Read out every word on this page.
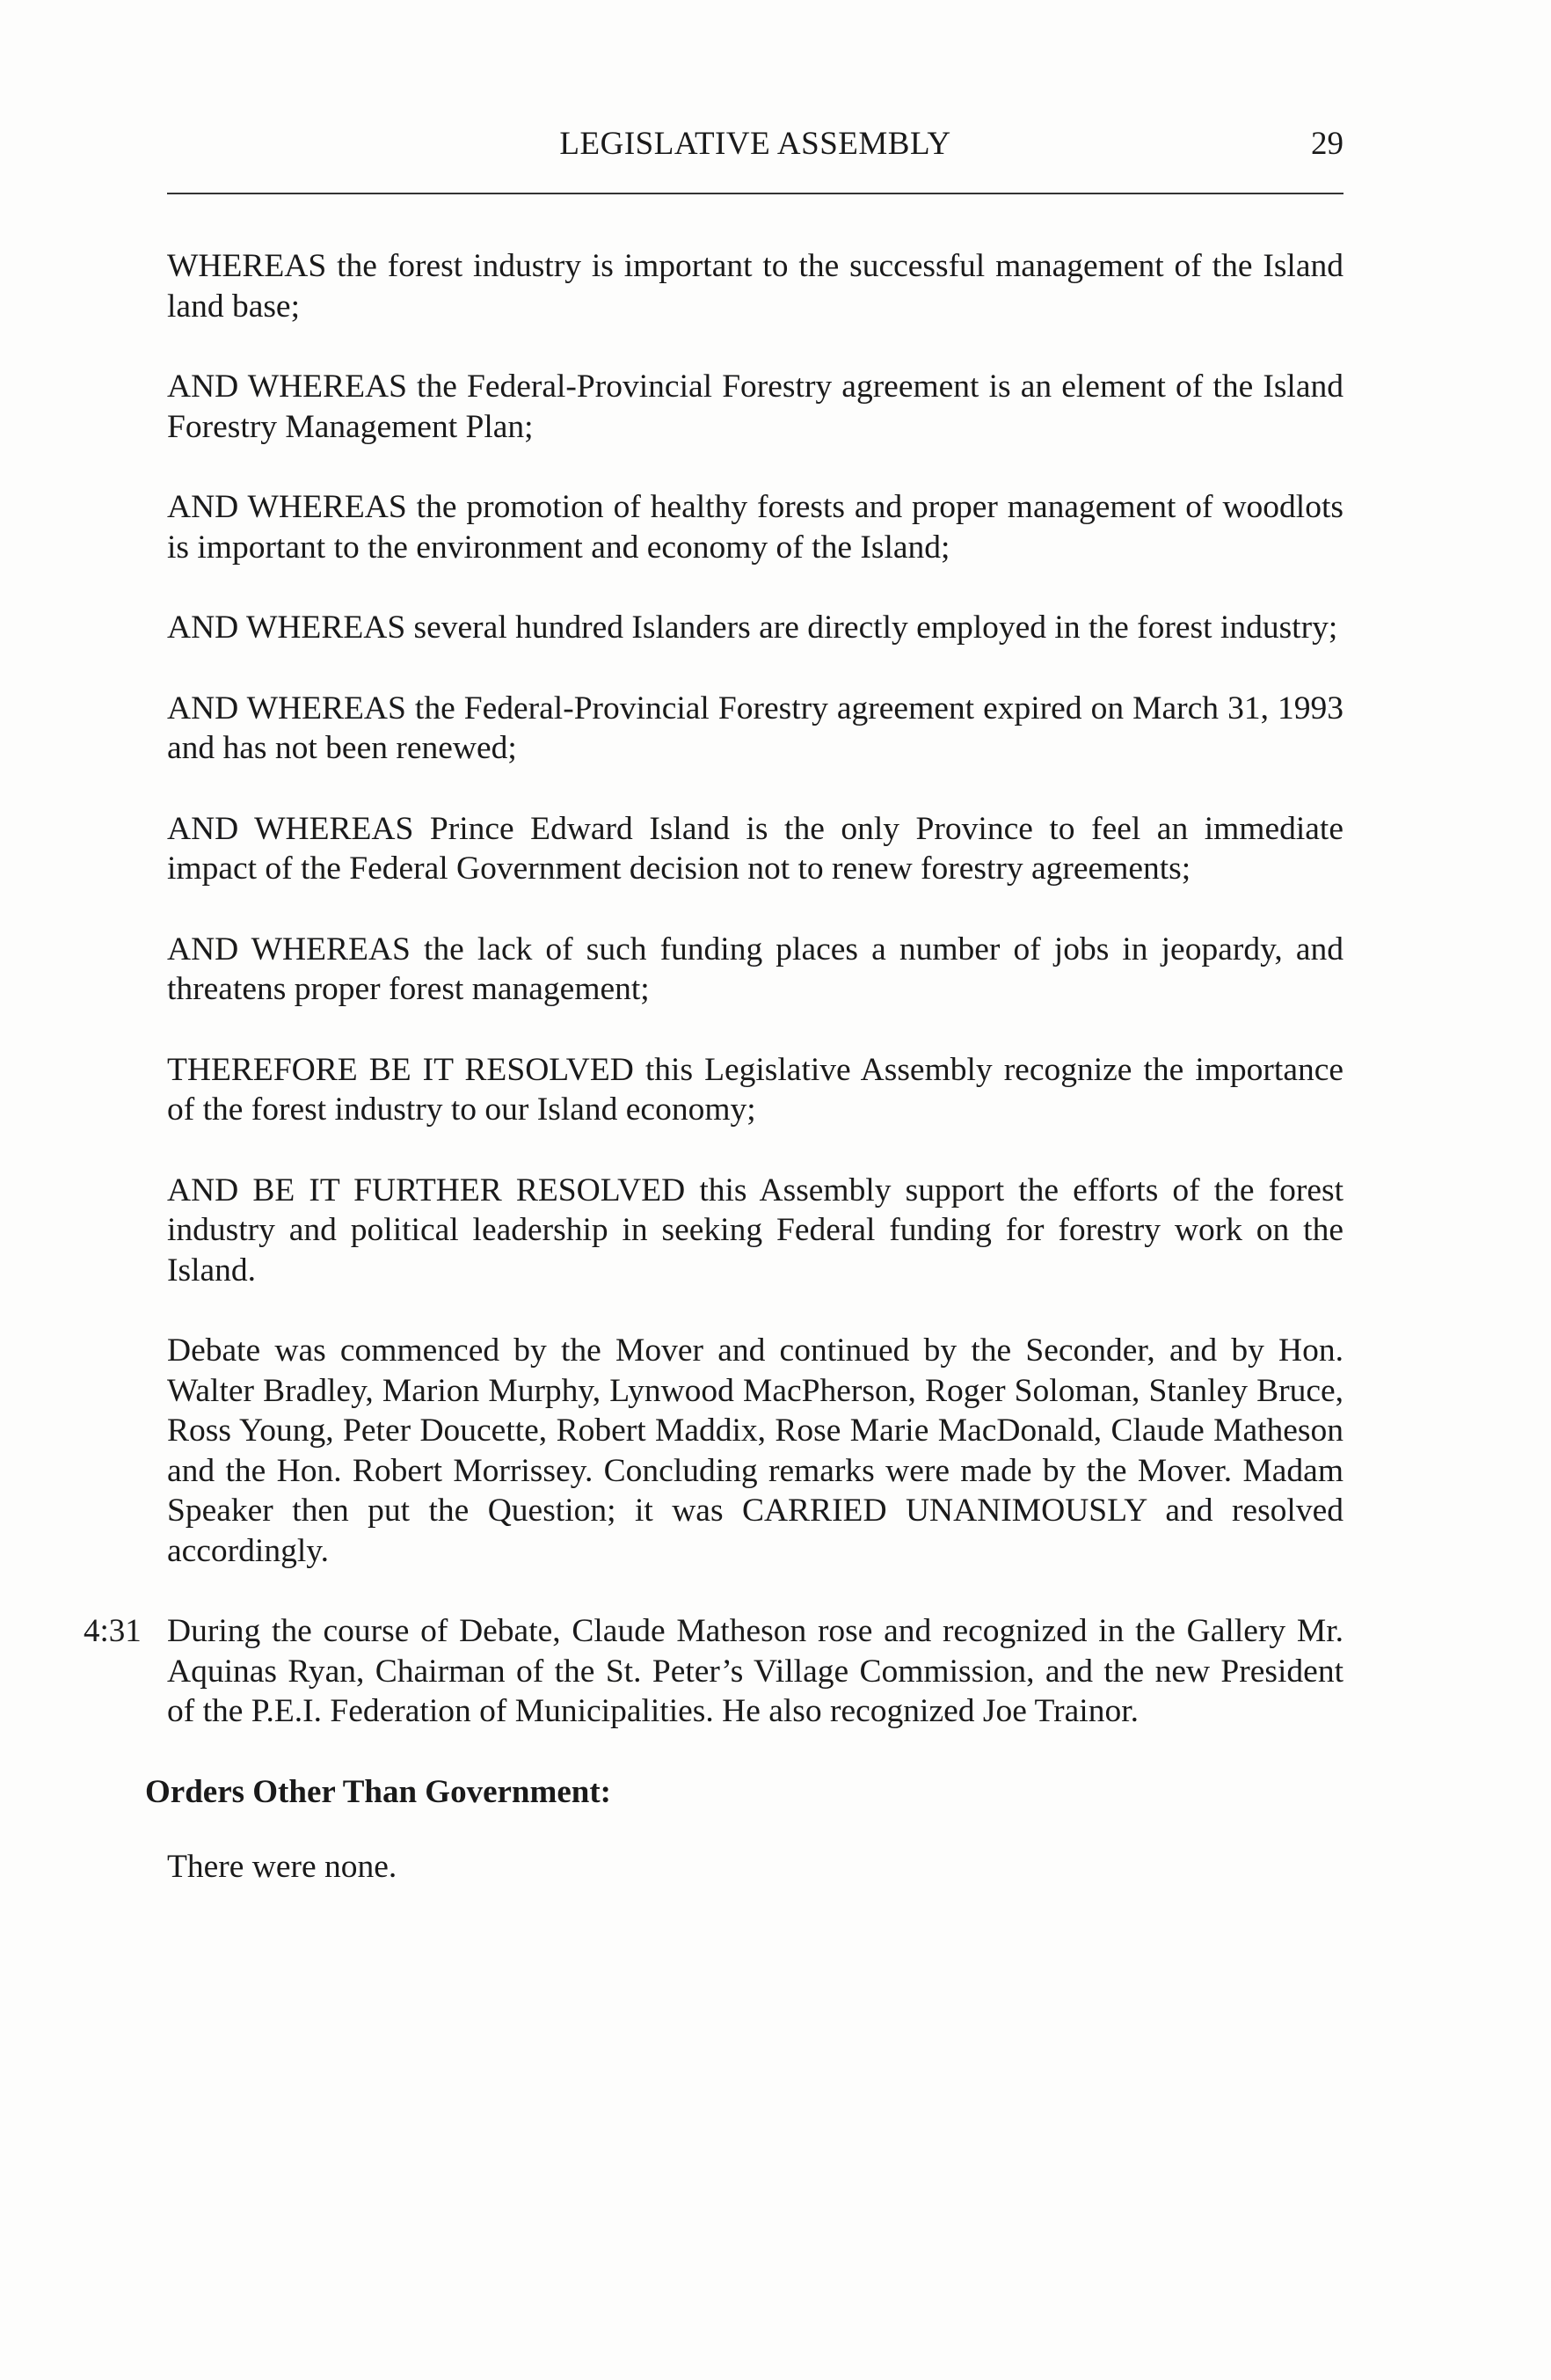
LEGISLATIVE ASSEMBLY	29

WHEREAS the forest industry is important to the successful management of the Island land base;

AND WHEREAS the Federal-Provincial Forestry agreement is an element of the Island Forestry Management Plan;

AND WHEREAS the promotion of healthy forests and proper management of woodlots is important to the environment and economy of the Island;

AND WHEREAS several hundred Islanders are directly employed in the forest industry;

AND WHEREAS the Federal-Provincial Forestry agreement expired on March 31, 1993 and has not been renewed;

AND WHEREAS Prince Edward Island is the only Province to feel an immediate impact of the Federal Government decision not to renew forestry agreements;

AND WHEREAS the lack of such funding places a number of jobs in jeopardy, and threatens proper forest management;

THEREFORE BE IT RESOLVED this Legislative Assembly recognize the importance of the forest industry to our Island economy;

AND BE IT FURTHER RESOLVED this Assembly support the efforts of the forest industry and political leadership in seeking Federal funding for forestry work on the Island.

Debate was commenced by the Mover and continued by the Seconder, and by Hon. Walter Bradley, Marion Murphy, Lynwood MacPherson, Roger Soloman, Stanley Bruce, Ross Young, Peter Doucette, Robert Maddix, Rose Marie MacDonald, Claude Matheson and the Hon. Robert Morrissey. Concluding remarks were made by the Mover. Madam Speaker then put the Question; it was CARRIED UNANIMOUSLY and resolved accordingly.

4:31 During the course of Debate, Claude Matheson rose and recognized in the Gallery Mr. Aquinas Ryan, Chairman of the St. Peter’s Village Commission, and the new President of the P.E.I. Federation of Municipalities. He also recognized Joe Trainor.

Orders Other Than Government:

There were none.
